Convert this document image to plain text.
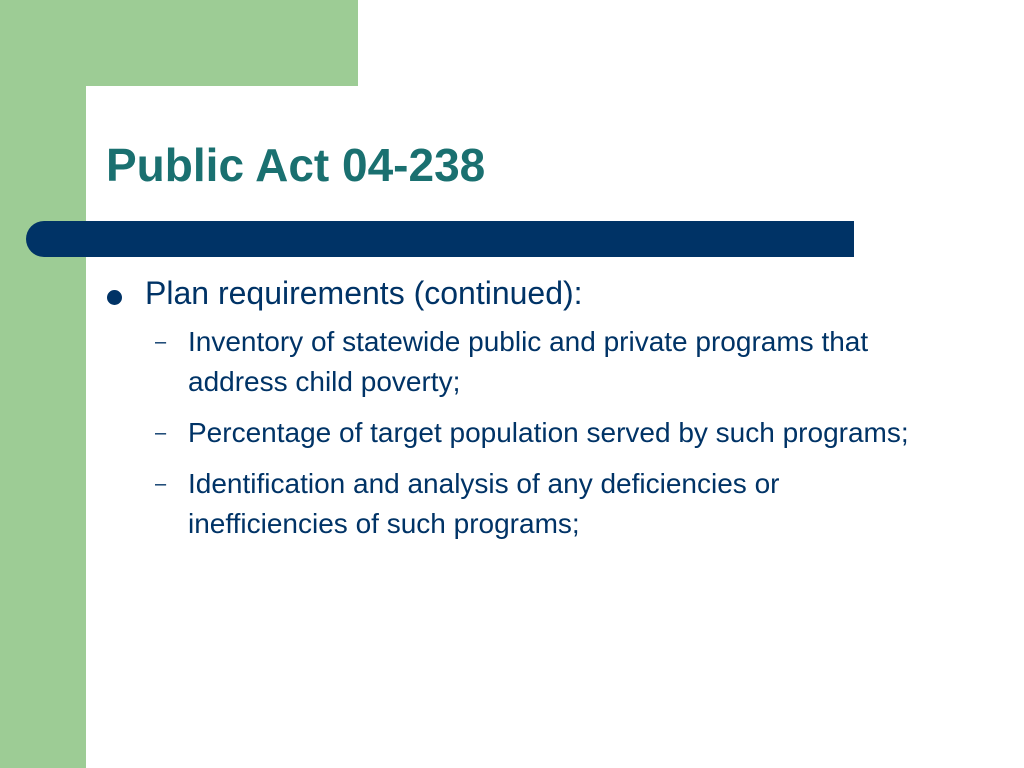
Public Act 04-238
Plan requirements (continued):
– Inventory of statewide public and private programs that address child poverty;
– Percentage of target population served by such programs;
– Identification and analysis of any deficiencies or inefficiencies of such programs;
